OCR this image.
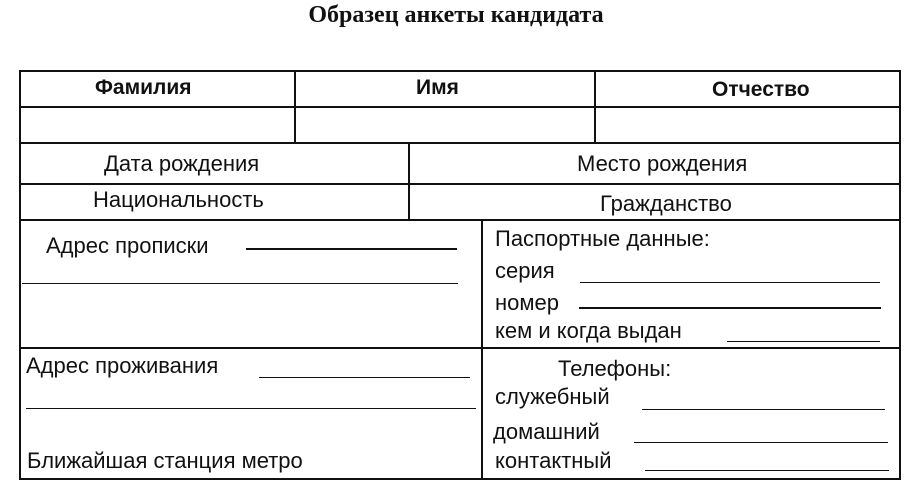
Образец анкеты кандидата
Фамилия	Имя	Отчество
Дата рождения	Место рождения
Национальность	Гражданство
Адрес прописки	Паспортные данные:
серия
номер
кем и когда выдан
Адрес проживания
Ближайшая станция метро
Телефоны:
служебный
домашний
контактный
